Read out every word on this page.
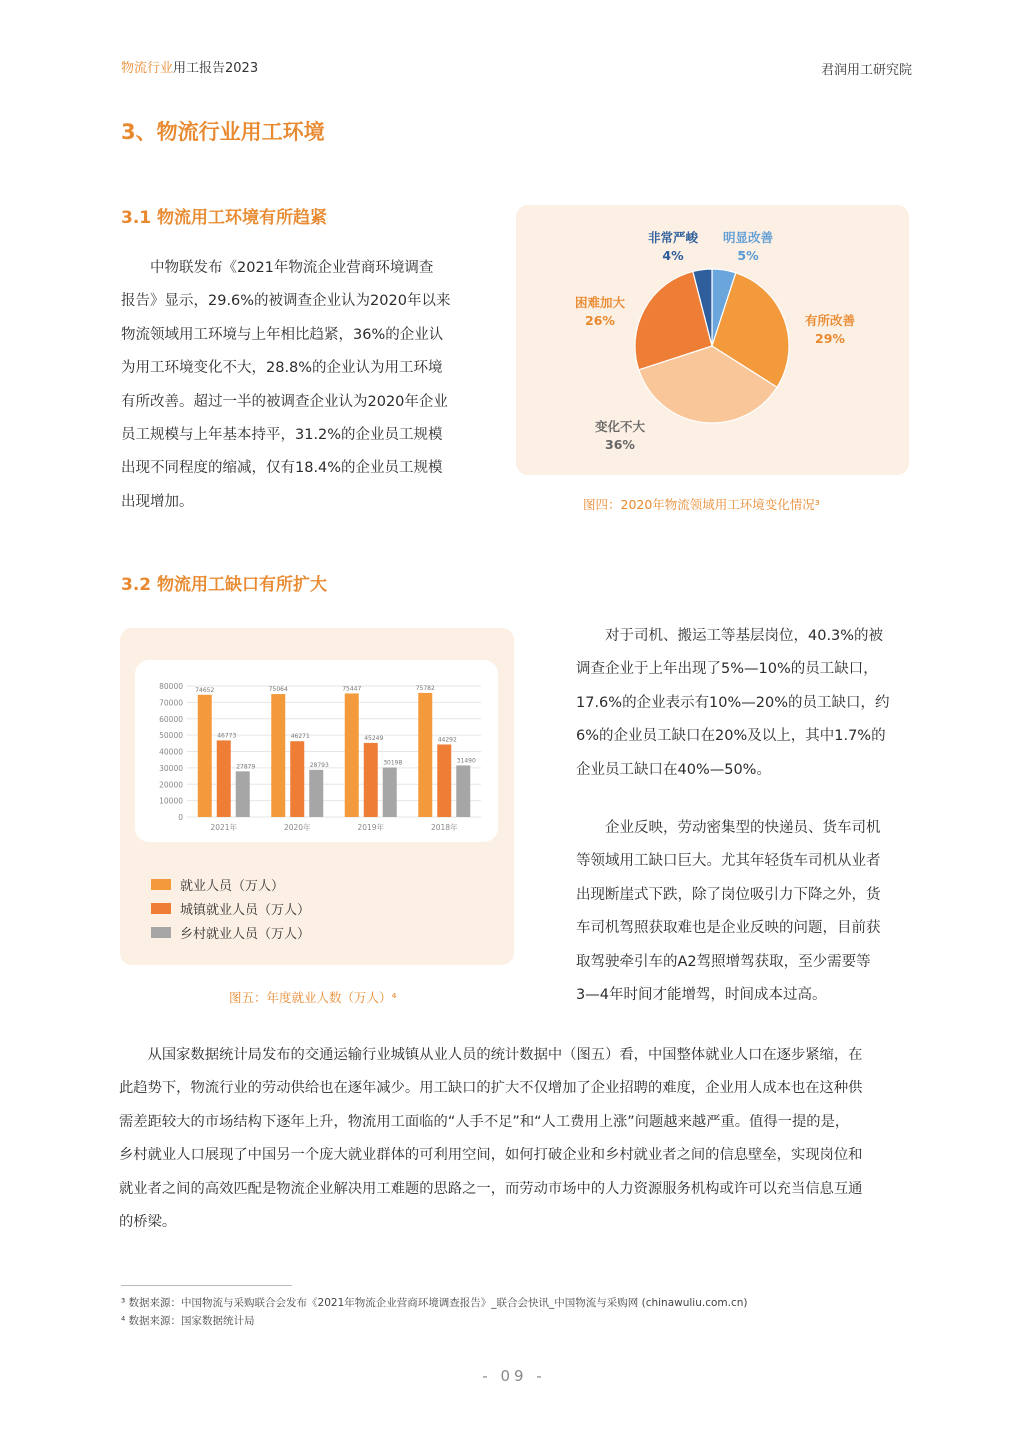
物流行业用工报告2023	君润用工研究院
3、物流行业用工环境
3.1 物流用工环境有所趋紧
　　中物联发布《2021年物流企业营商环境调查
报告》显示，29.6%的被调查企业认为2020年以来
物流领域用工环境与上年相比趋紧，36%的企业认
为用工环境变化不大，28.8%的企业认为用工环境
有所改善。超过一半的被调查企业认为2020年企业
员工规模与上年基本持平，31.2%的企业员工规模
出现不同程度的缩减，仅有18.4%的企业员工规模
出现增加。
明显改善
5%
有所改善
29%
变化不大
36%
困难加大
26%
非常严峻
4%
图四：2020年物流领域用工环境变化情况³
3.2 物流用工缺口有所扩大
80000
70000
60000
50000
40000
30000
20000
10000
0
74652
46773
27879
2021年
75064
46271
28793
2020年
75447
45249
30198
2019年
75782
44292
31490
2018年
就业人员（万人）
城镇就业人员（万人）
乡村就业人员（万人）
图五：年度就业人数（万人）⁴
　　对于司机、搬运工等基层岗位，40.3%的被
调查企业于上年出现了5%—10%的员工缺口，
17.6%的企业表示有10%—20%的员工缺口，约
6%的企业员工缺口在20%及以上，其中1.7%的
企业员工缺口在40%—50%。
　　企业反映，劳动密集型的快递员、货车司机
等领域用工缺口巨大。尤其年轻货车司机从业者
出现断崖式下跌，除了岗位吸引力下降之外，货
车司机驾照获取难也是企业反映的问题，目前获
取驾驶牵引车的A2驾照增驾获取，至少需要等
3—4年时间才能增驾，时间成本过高。
　　从国家数据统计局发布的交通运输行业城镇从业人员的统计数据中（图五）看，中国整体就业人口在逐步紧缩，在
此趋势下，物流行业的劳动供给也在逐年减少。用工缺口的扩大不仅增加了企业招聘的难度，企业用人成本也在这种供
需差距较大的市场结构下逐年上升，物流用工面临的“人手不足”和“人工费用上涨”问题越来越严重。值得一提的是，
乡村就业人口展现了中国另一个庞大就业群体的可利用空间，如何打破企业和乡村就业者之间的信息壁垒，实现岗位和
就业者之间的高效匹配是物流企业解决用工难题的思路之一，而劳动市场中的人力资源服务机构或许可以充当信息互通
的桥梁。
³ 数据来源：中国物流与采购联合会发布《2021年物流企业营商环境调查报告》_联合会快讯_中国物流与采购网 (chinawuliu.com.cn)
⁴ 数据来源：国家数据统计局
- 09 -
